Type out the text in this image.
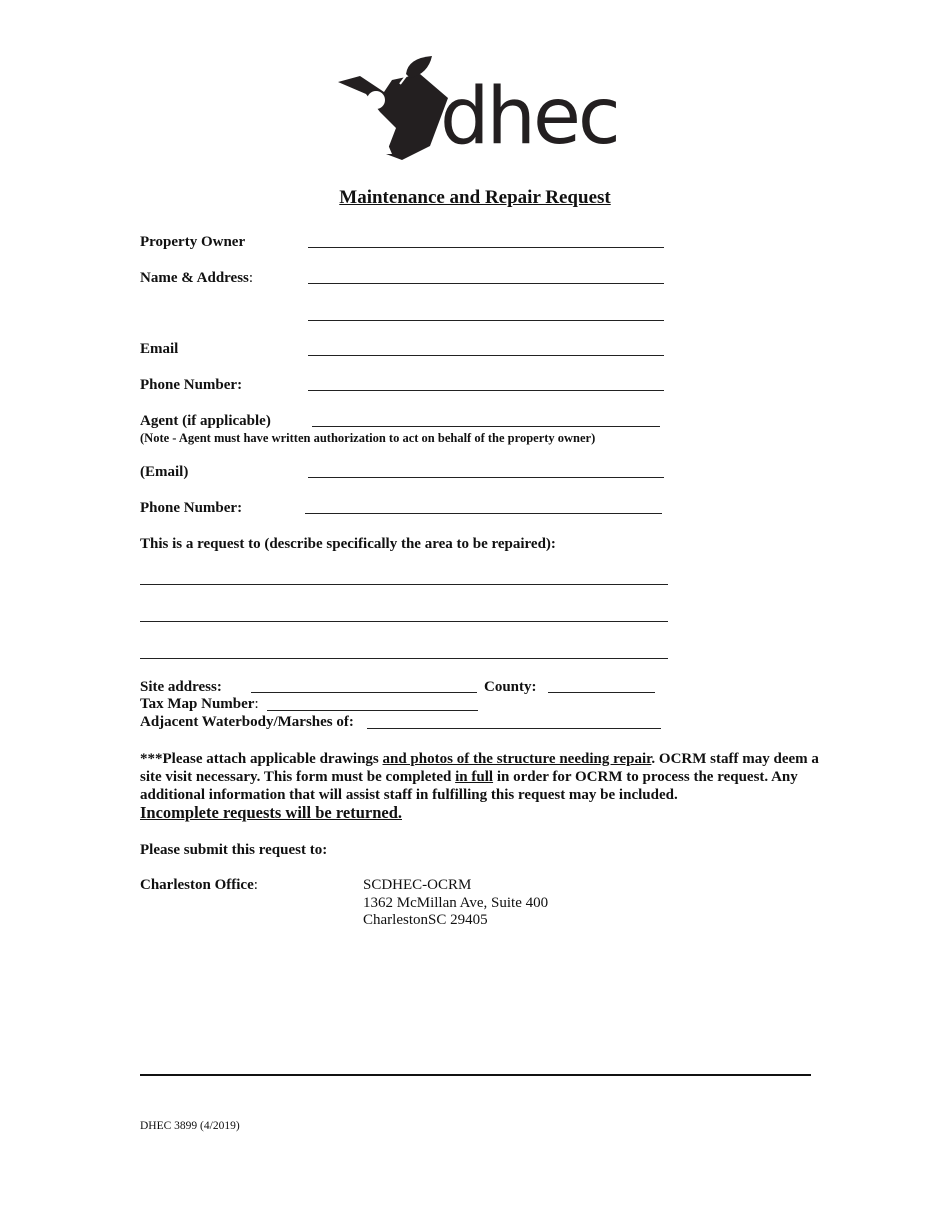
dhec
Maintenance and Repair Request
Property Owner
Name & Address:
Email
Phone Number:
Agent (if applicable)
(Note - Agent must have written authorization to act on behalf of the property owner)
(Email)
Phone Number:
This is a request to (describe specifically the area to be repaired):
Site address:	County:
Tax Map Number:
Adjacent Waterbody/Marshes of:
***Please attach applicable drawings and photos of the structure needing repair. OCRM staff may deem a site visit necessary. This form must be completed in full in order for OCRM to process the request. Any additional information that will assist staff in fulfilling this request may be included.
Incomplete requests will be returned.
Please submit this request to:
Charleston Office:	SCDHEC-OCRM
1362 McMillan Ave, Suite 400
CharlestonSC 29405
DHEC 3899 (4/2019)
